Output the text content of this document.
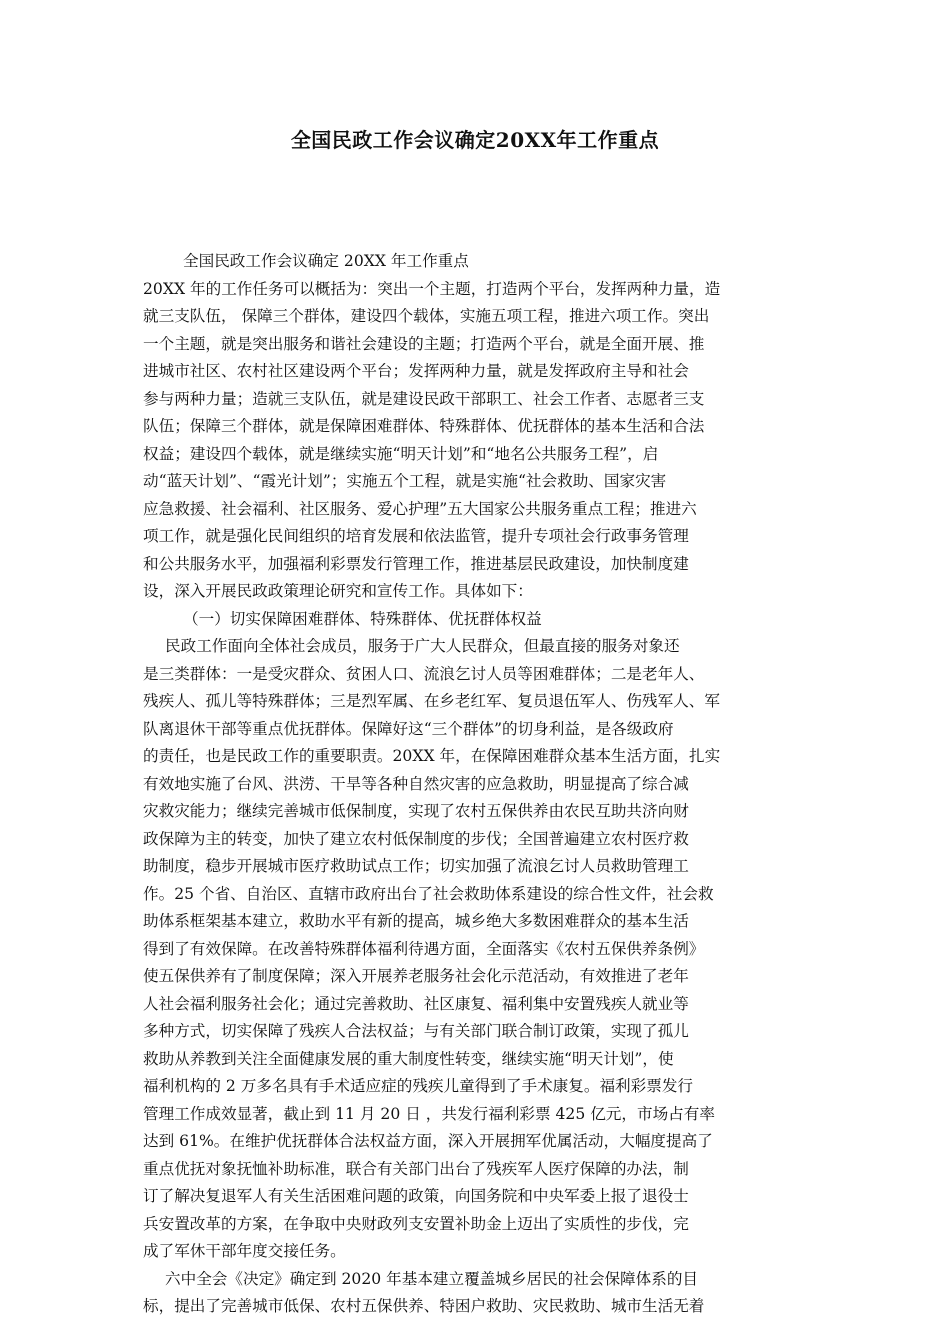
全国民政工作会议确定20XX年工作重点
全国民政工作会议确定 20XX 年工作重点
20XX 年的工作任务可以概括为：突出一个主题，打造两个平台，发挥两种力量，造
就三支队伍， 保障三个群体，建设四个载体，实施五项工程，推进六项工作。突出
一个主题，就是突出服务和谐社会建设的主题；打造两个平台，就是全面开展、推
进城市社区、农村社区建设两个平台；发挥两种力量，就是发挥政府主导和社会
参与两种力量；造就三支队伍，就是建设民政干部职工、社会工作者、志愿者三支
队伍；保障三个群体，就是保障困难群体、特殊群体、优抚群体的基本生活和合法
权益；建设四个载体，就是继续实施“明天计划”和“地名公共服务工程”，启
动“蓝天计划”、“霞光计划”；实施五个工程，就是实施“社会救助、国家灾害
应急救援、社会福利、社区服务、爱心护理”五大国家公共服务重点工程；推进六
项工作，就是强化民间组织的培育发展和依法监管，提升专项社会行政事务管理
和公共服务水平，加强福利彩票发行管理工作，推进基层民政建设，加快制度建
设，深入开展民政政策理论研究和宣传工作。具体如下：
（一）切实保障困难群体、特殊群体、优抚群体权益
民政工作面向全体社会成员，服务于广大人民群众，但最直接的服务对象还
是三类群体：一是受灾群众、贫困人口、流浪乞讨人员等困难群体；二是老年人、
残疾人、孤儿等特殊群体；三是烈军属、在乡老红军、复员退伍军人、伤残军人、军
队离退休干部等重点优抚群体。保障好这“三个群体”的切身利益，是各级政府
的责任，也是民政工作的重要职责。20XX 年，在保障困难群众基本生活方面，扎实
有效地实施了台风、洪涝、干旱等各种自然灾害的应急救助，明显提高了综合减
灾救灾能力；继续完善城市低保制度，实现了农村五保供养由农民互助共济向财
政保障为主的转变，加快了建立农村低保制度的步伐；全国普遍建立农村医疗救
助制度，稳步开展城市医疗救助试点工作；切实加强了流浪乞讨人员救助管理工
作。25 个省、自治区、直辖市政府出台了社会救助体系建设的综合性文件，社会救
助体系框架基本建立，救助水平有新的提高，城乡绝大多数困难群众的基本生活
得到了有效保障。在改善特殊群体福利待遇方面，全面落实《农村五保供养条例》
使五保供养有了制度保障；深入开展养老服务社会化示范活动，有效推进了老年
人社会福利服务社会化；通过完善救助、社区康复、福利集中安置残疾人就业等
多种方式，切实保障了残疾人合法权益；与有关部门联合制订政策，实现了孤儿
救助从养教到关注全面健康发展的重大制度性转变，继续实施“明天计划”，使
福利机构的 2 万多名具有手术适应症的残疾儿童得到了手术康复。福利彩票发行
管理工作成效显著，截止到 11 月 20 日 ，共发行福利彩票 425 亿元，市场占有率
达到 61%。在维护优抚群体合法权益方面，深入开展拥军优属活动，大幅度提高了
重点优抚对象抚恤补助标准，联合有关部门出台了残疾军人医疗保障的办法，制
订了解决复退军人有关生活困难问题的政策，向国务院和中央军委上报了退役士
兵安置改革的方案，在争取中央财政列支安置补助金上迈出了实质性的步伐，完
成了军休干部年度交接任务。
六中全会《决定》确定到 2020 年基本建立覆盖城乡居民的社会保障体系的目
标，提出了完善城市低保、农村五保供养、特困户救助、灾民救助、城市生活无着
